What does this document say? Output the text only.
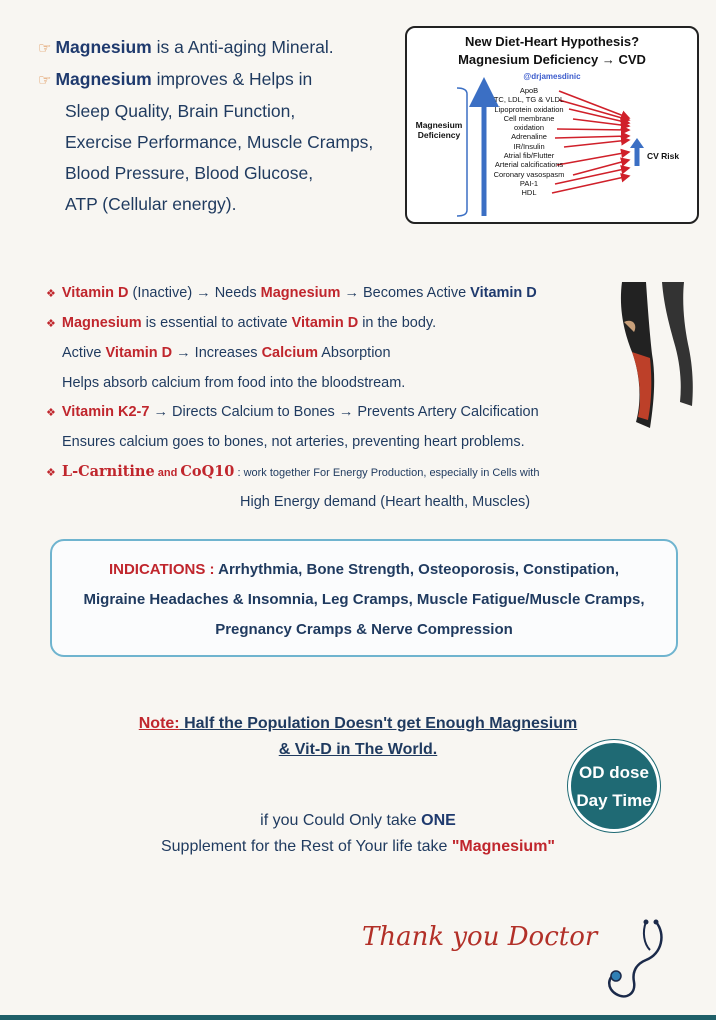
☞ Magnesium is a Anti-aging Mineral.
☞ Magnesium improves & Helps in
Sleep Quality, Brain Function,
Exercise Performance, Muscle Cramps,
Blood Pressure, Blood Glucose,
ATP (Cellular energy).
New Diet-Heart Hypothesis?
Magnesium Deficiency → CVD
@drjamesdinic
Magnesium Deficiency
ApoB
TC, LDL, TG & VLDL
Lipoprotein oxidation
Cell membrane oxidation
Adrenaline
IR/Insulin
Atrial fib/Flutter
Arterial calcifications
Coronary vasospasm
PAI-1
HDL
CV Risk
❖ Vitamin D (Inactive) → Needs Magnesium → Becomes Active Vitamin D
❖ Magnesium is essential to activate Vitamin D in the body.
Active Vitamin D → Increases Calcium Absorption
Helps absorb calcium from food into the bloodstream.
❖ Vitamin K2-7 → Directs Calcium to Bones → Prevents Artery Calcification
Ensures calcium goes to bones, not arteries, preventing heart problems.
❖ L-Carnitine and CoQ10 : work together For Energy Production, especially in Cells with
High Energy demand (Heart health, Muscles)
INDICATIONS : Arrhythmia, Bone Strength, Osteoporosis, Constipation,
Migraine Headaches & Insomnia, Leg Cramps, Muscle Fatigue/Muscle Cramps,
Pregnancy Cramps & Nerve Compression
Note: Half the Population Doesn't get Enough Magnesium
& Vit-D in The World.
OD dose
Day Time
if you Could Only take ONE
Supplement for the Rest of Your life take "Magnesium"
Thank you Doctor
